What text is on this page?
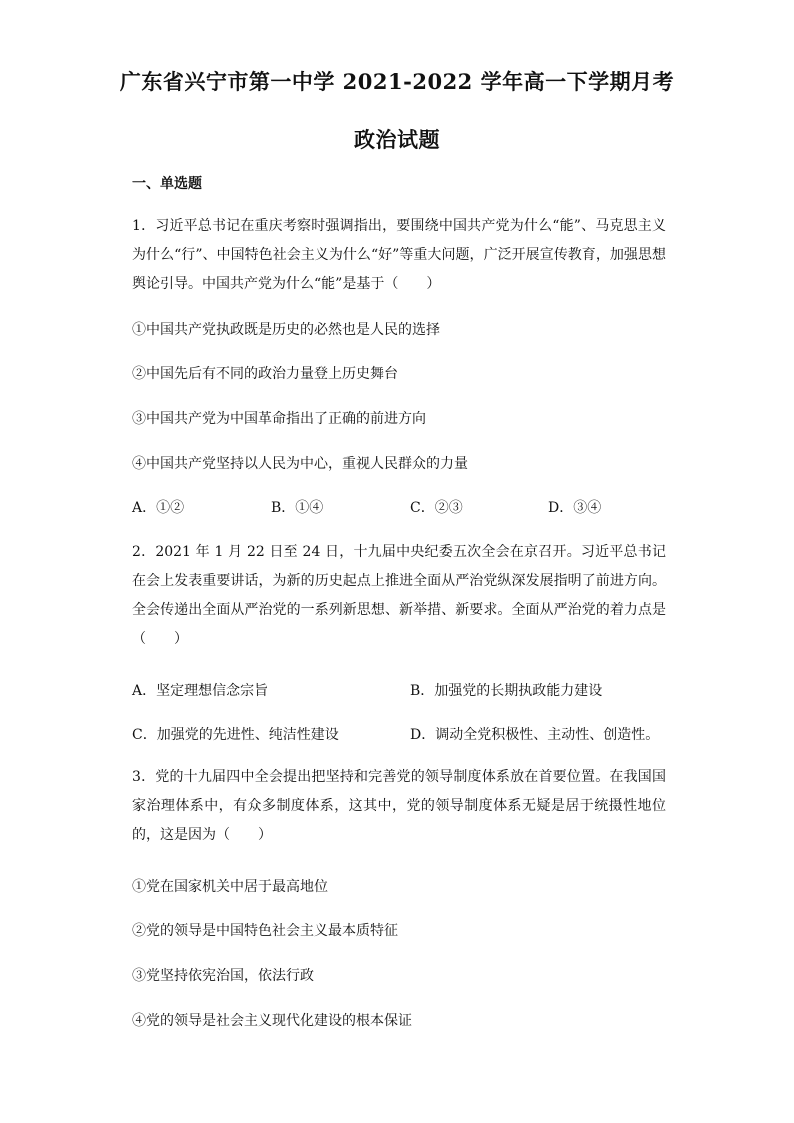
广东省兴宁市第一中学 2021-2022 学年高一下学期月考
政治试题
一、单选题
1．习近平总书记在重庆考察时强调指出，要围绕中国共产党为什么“能”、马克思主义为什么“行”、中国特色社会主义为什么“好”等重大问题，广泛开展宣传教育，加强思想舆论引导。中国共产党为什么“能”是基于（　　）
①中国共产党执政既是历史的必然也是人民的选择
②中国先后有不同的政治力量登上历史舞台
③中国共产党为中国革命指出了正确的前进方向
④中国共产党坚持以人民为中心，重视人民群众的力量
A．①②	B．①④	C．②③	D．③④
2．2021 年 1 月 22 日至 24 日，十九届中央纪委五次全会在京召开。习近平总书记在会上发表重要讲话，为新的历史起点上推进全面从严治党纵深发展指明了前进方向。全会传递出全面从严治党的一系列新思想、新举措、新要求。全面从严治党的着力点是（　　）
A．坚定理想信念宗旨	B．加强党的长期执政能力建设
C．加强党的先进性、纯洁性建设	D．调动全党积极性、主动性、创造性。
3．党的十九届四中全会提出把坚持和完善党的领导制度体系放在首要位置。在我国国家治理体系中，有众多制度体系，这其中，党的领导制度体系无疑是居于统摄性地位的，这是因为（　　）
①党在国家机关中居于最高地位
②党的领导是中国特色社会主义最本质特征
③党坚持依宪治国，依法行政
④党的领导是社会主义现代化建设的根本保证
